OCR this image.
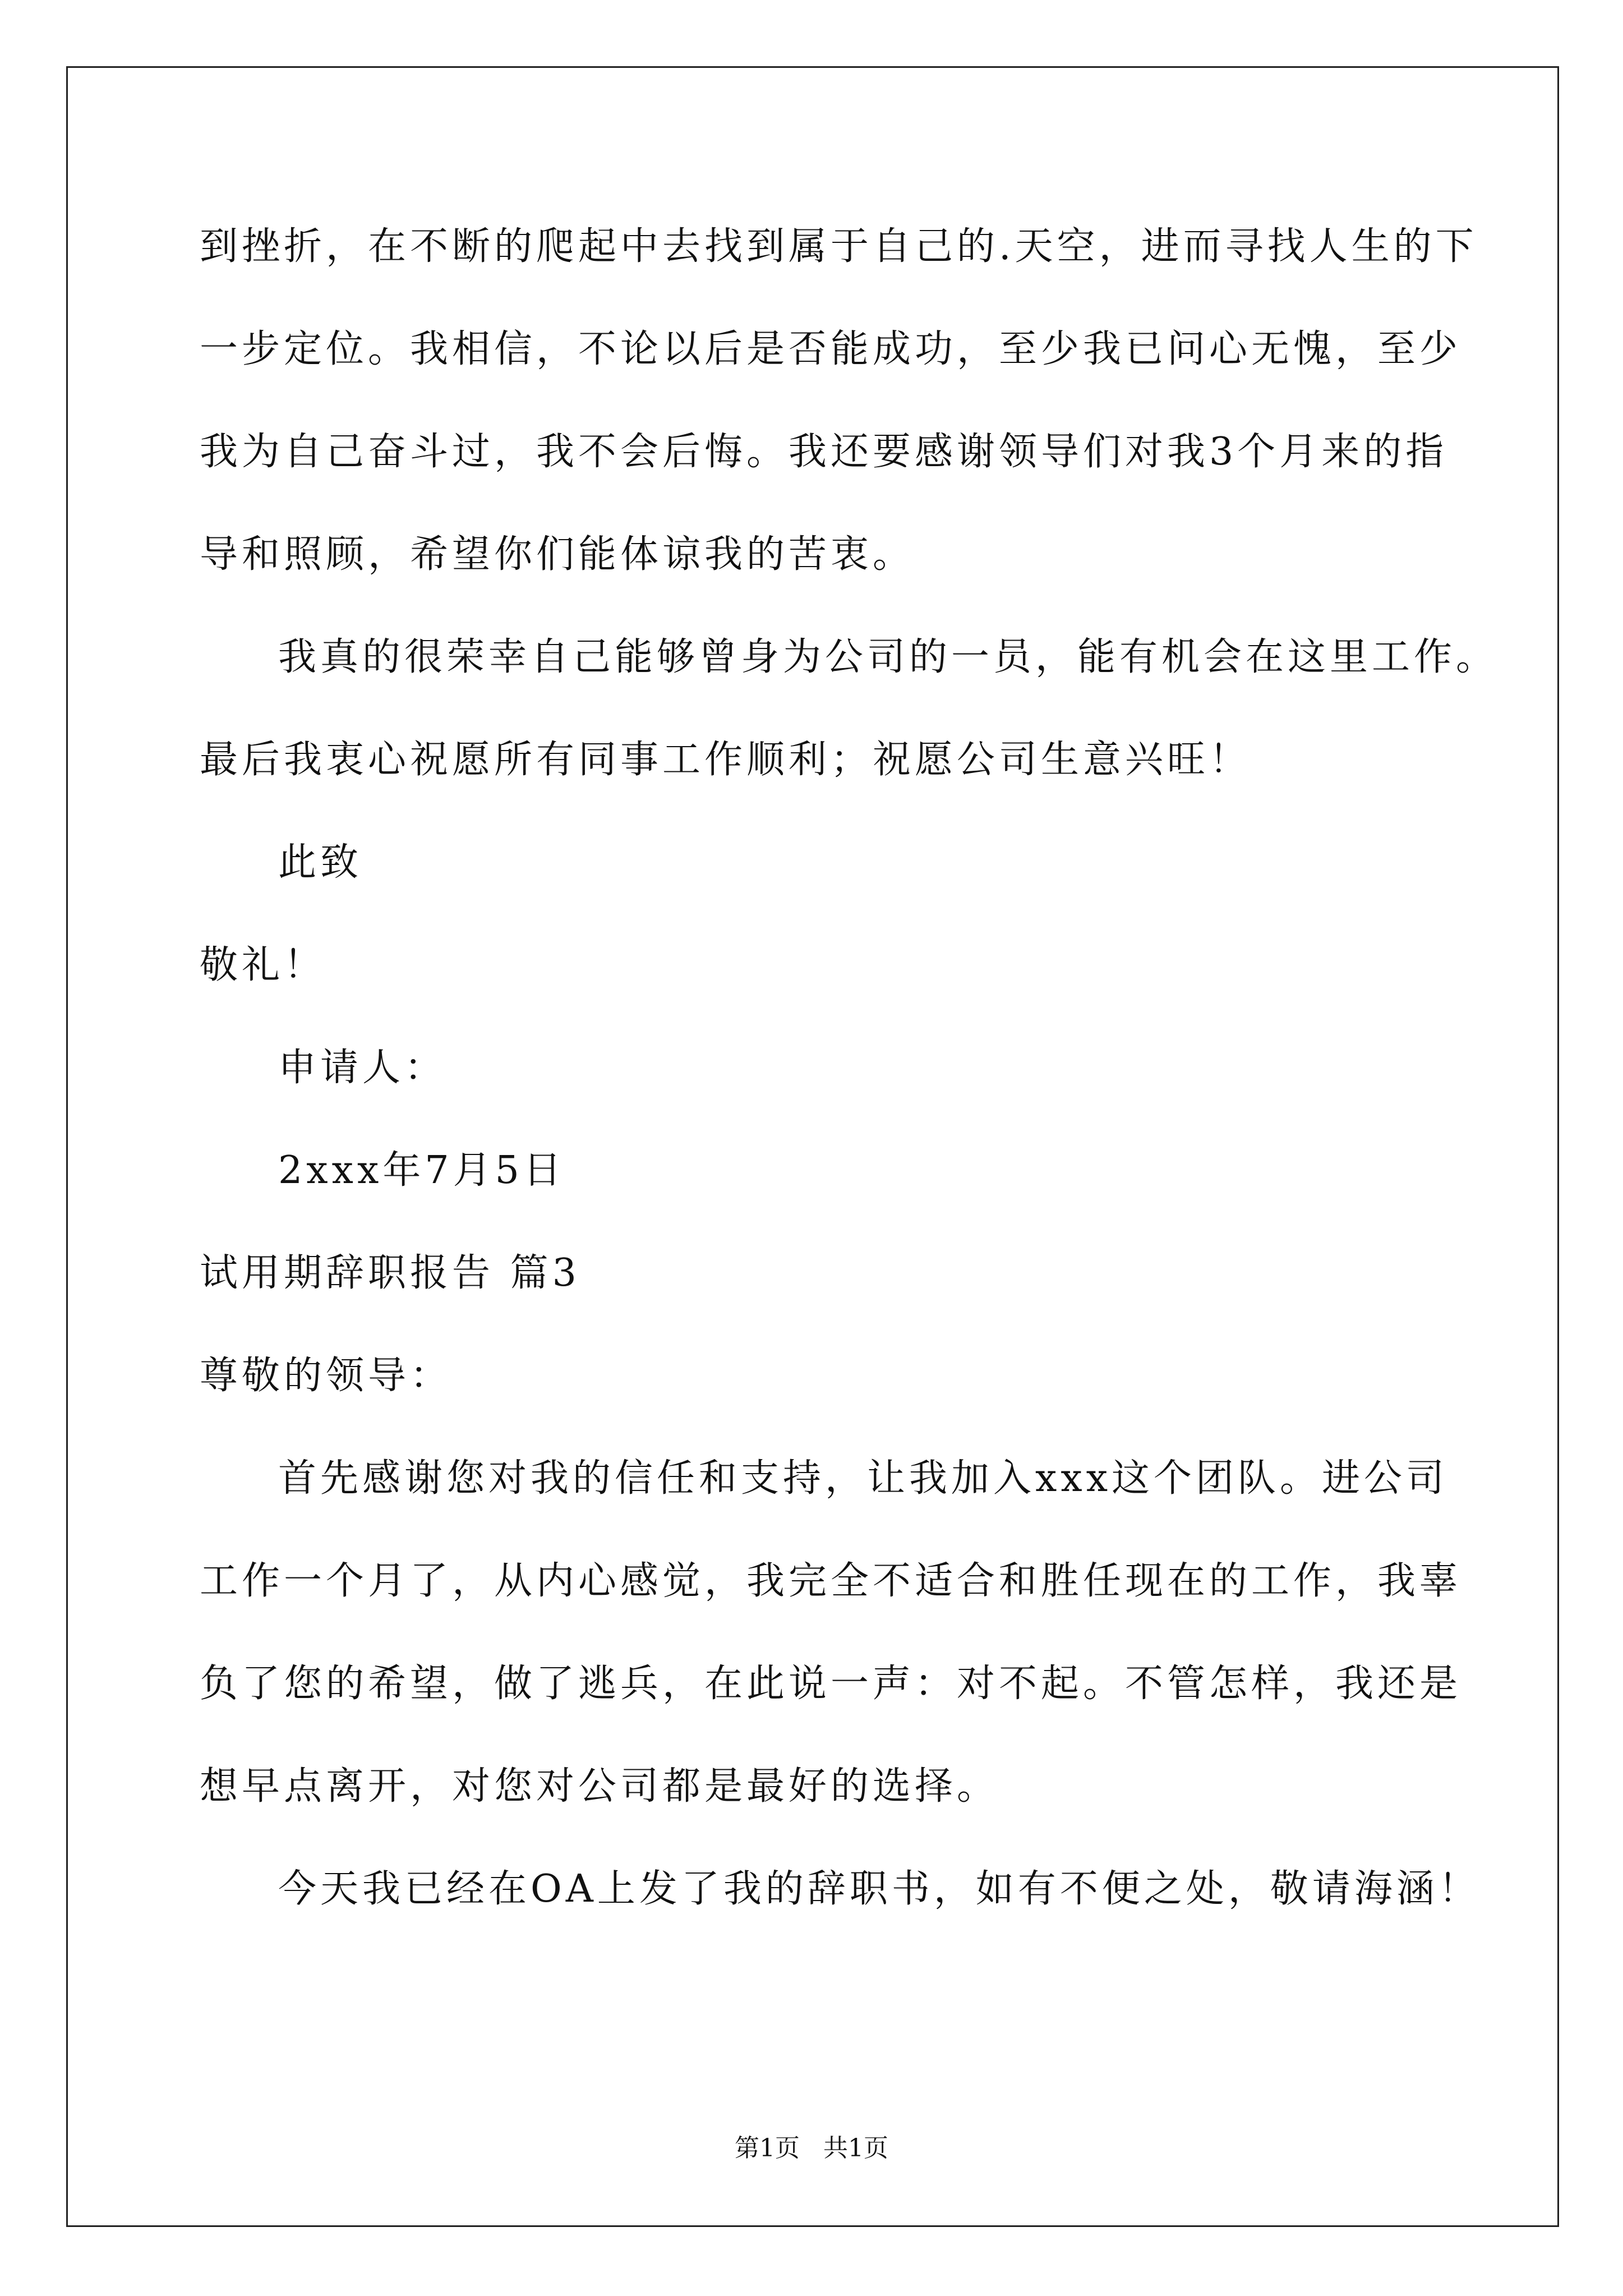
到挫折，在不断的爬起中去找到属于自己的.天空，进而寻找人生的下
一步定位。我相信，不论以后是否能成功，至少我已问心无愧，至少
我为自己奋斗过，我不会后悔。我还要感谢领导们对我3个月来的指
导和照顾，希望你们能体谅我的苦衷。
我真的很荣幸自己能够曾身为公司的一员，能有机会在这里工作。
最后我衷心祝愿所有同事工作顺利；祝愿公司生意兴旺！
此致
敬礼！
申请人：
2xxx年7月5日
试用期辞职报告 篇3
尊敬的领导：
首先感谢您对我的信任和支持，让我加入xxx这个团队。进公司
工作一个月了，从内心感觉，我完全不适合和胜任现在的工作，我辜
负了您的希望，做了逃兵，在此说一声：对不起。不管怎样，我还是
想早点离开，对您对公司都是最好的选择。
今天我已经在OA上发了我的辞职书，如有不便之处，敬请海涵！
第1页   共1页
